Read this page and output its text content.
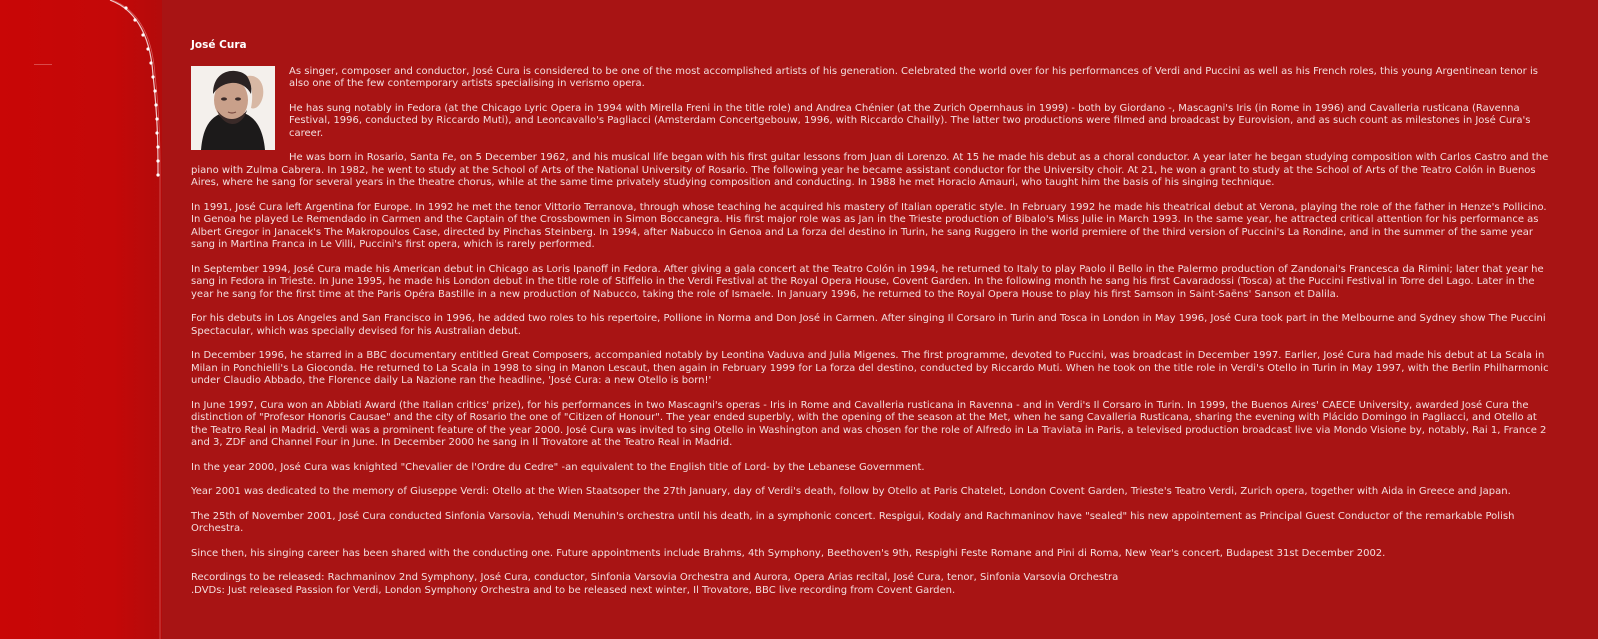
José Cura

As singer, composer and conductor, José Cura is considered to be one of the most accomplished artists of his generation. Celebrated the world over for his performances of Verdi and Puccini as well as his French roles, this young Argentinean tenor is also one of the few contemporary artists specialising in verismo opera.

He has sung notably in Fedora (at the Chicago Lyric Opera in 1994 with Mirella Freni in the title role) and Andrea Chénier (at the Zurich Opernhaus in 1999) - both by Giordano -, Mascagni's Iris (in Rome in 1996) and Cavalleria rusticana (Ravenna Festival, 1996, conducted by Riccardo Muti), and Leoncavallo's Pagliacci (Amsterdam Concertgebouw, 1996, with Riccardo Chailly). The latter two productions were filmed and broadcast by Eurovision, and as such count as milestones in José Cura's career.

He was born in Rosario, Santa Fe, on 5 December 1962, and his musical life began with his first guitar lessons from Juan di Lorenzo. At 15 he made his debut as a choral conductor. A year later he began studying composition with Carlos Castro and the piano with Zulma Cabrera. In 1982, he went to study at the School of Arts of the National University of Rosario. The following year he became assistant conductor for the University choir. At 21, he won a grant to study at the School of Arts of the Teatro Colón in Buenos Aires, where he sang for several years in the theatre chorus, while at the same time privately studying composition and conducting. In 1988 he met Horacio Amauri, who taught him the basis of his singing technique.

In 1991, José Cura left Argentina for Europe. In 1992 he met the tenor Vittorio Terranova, through whose teaching he acquired his mastery of Italian operatic style. In February 1992 he made his theatrical debut at Verona, playing the role of the father in Henze's Pollicino. In Genoa he played Le Remendado in Carmen and the Captain of the Crossbowmen in Simon Boccanegra. His first major role was as Jan in the Trieste production of Bibalo's Miss Julie in March 1993. In the same year, he attracted critical attention for his performance as Albert Gregor in Janacek's The Makropoulos Case, directed by Pinchas Steinberg. In 1994, after Nabucco in Genoa and La forza del destino in Turin, he sang Ruggero in the world premiere of the third version of Puccini's La Rondine, and in the summer of the same year sang in Martina Franca in Le Villi, Puccini's first opera, which is rarely performed.

In September 1994, José Cura made his American debut in Chicago as Loris Ipanoff in Fedora. After giving a gala concert at the Teatro Colón in 1994, he returned to Italy to play Paolo il Bello in the Palermo production of Zandonai's Francesca da Rimini; later that year he sang in Fedora in Trieste. In June 1995, he made his London debut in the title role of Stiffelio in the Verdi Festival at the Royal Opera House, Covent Garden. In the following month he sang his first Cavaradossi (Tosca) at the Puccini Festival in Torre del Lago. Later in the year he sang for the first time at the Paris Opéra Bastille in a new production of Nabucco, taking the role of Ismaele. In January 1996, he returned to the Royal Opera House to play his first Samson in Saint-Saëns' Sanson et Dalila.

For his debuts in Los Angeles and San Francisco in 1996, he added two roles to his repertoire, Pollione in Norma and Don José in Carmen. After singing Il Corsaro in Turin and Tosca in London in May 1996, José Cura took part in the Melbourne and Sydney show The Puccini Spectacular, which was specially devised for his Australian debut.

In December 1996, he starred in a BBC documentary entitled Great Composers, accompanied notably by Leontina Vaduva and Julia Migenes. The first programme, devoted to Puccini, was broadcast in December 1997. Earlier, José Cura had made his debut at La Scala in Milan in Ponchielli's La Gioconda. He returned to La Scala in 1998 to sing in Manon Lescaut, then again in February 1999 for La forza del destino, conducted by Riccardo Muti. When he took on the title role in Verdi's Otello in Turin in May 1997, with the Berlin Philharmonic under Claudio Abbado, the Florence daily La Nazione ran the headline, 'José Cura: a new Otello is born!'

In June 1997, Cura won an Abbiati Award (the Italian critics' prize), for his performances in two Mascagni's operas - Iris in Rome and Cavalleria rusticana in Ravenna - and in Verdi's Il Corsaro in Turin. In 1999, the Buenos Aires' CAECE University, awarded José Cura the distinction of "Profesor Honoris Causae" and the city of Rosario the one of "Citizen of Honour". The year ended superbly, with the opening of the season at the Met, when he sang Cavalleria Rusticana, sharing the evening with Plácido Domingo in Pagliacci, and Otello at the Teatro Real in Madrid. Verdi was a prominent feature of the year 2000. José Cura was invited to sing Otello in Washington and was chosen for the role of Alfredo in La Traviata in Paris, a televised production broadcast live via Mondo Visione by, notably, Rai 1, France 2 and 3, ZDF and Channel Four in June. In December 2000 he sang in Il Trovatore at the Teatro Real in Madrid.

In the year 2000, José Cura was knighted "Chevalier de l'Ordre du Cedre" -an equivalent to the English title of Lord- by the Lebanese Government.

Year 2001 was dedicated to the memory of Giuseppe Verdi: Otello at the Wien Staatsoper the 27th January, day of Verdi's death, follow by Otello at Paris Chatelet, London Covent Garden, Trieste's Teatro Verdi, Zurich opera, together with Aida in Greece and Japan.

The 25th of November 2001, José Cura conducted Sinfonia Varsovia, Yehudi Menuhin's orchestra until his death, in a symphonic concert. Respigui, Kodaly and Rachmaninov have "sealed" his new appointement as Principal Guest Conductor of the remarkable Polish Orchestra.

Since then, his singing career has been shared with the conducting one. Future appointments include Brahms, 4th Symphony, Beethoven's 9th, Respighi Feste Romane and Pini di Roma, New Year's concert, Budapest 31st December 2002.

Recordings to be released: Rachmaninov 2nd Symphony, José Cura, conductor, Sinfonia Varsovia Orchestra and Aurora, Opera Arias recital, José Cura, tenor, Sinfonia Varsovia Orchestra
.DVDs: Just released Passion for Verdi, London Symphony Orchestra and to be released next winter, Il Trovatore, BBC live recording from Covent Garden.
